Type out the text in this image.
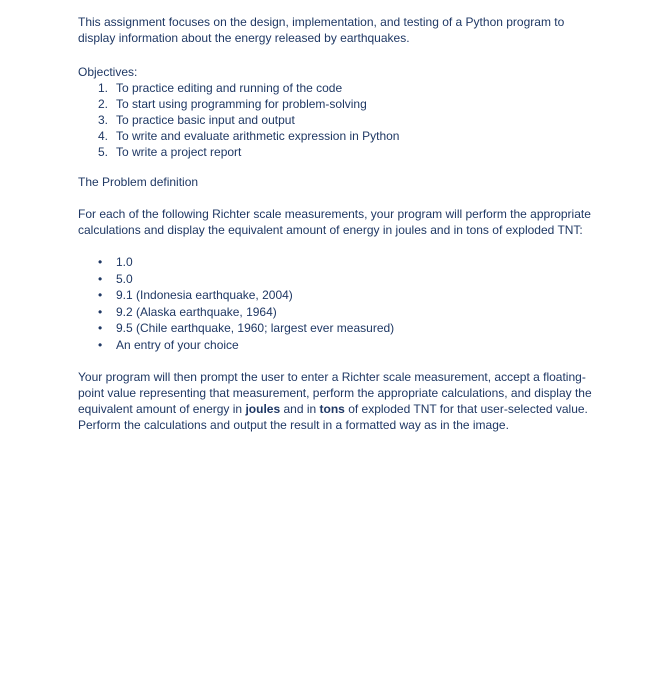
This assignment focuses on the design, implementation, and testing of a Python program to display information about the energy released by earthquakes.

Objectives:

1. To practice editing and running of the code
2. To start using programming for problem-solving
3. To practice basic input and output
4. To write and evaluate arithmetic expression in Python
5. To write a project report

The Problem definition

For each of the following Richter scale measurements, your program will perform the appropriate calculations and display the equivalent amount of energy in joules and in tons of exploded TNT:

• 1.0
• 5.0
• 9.1 (Indonesia earthquake, 2004)
• 9.2 (Alaska earthquake, 1964)
• 9.5 (Chile earthquake, 1960; largest ever measured)
• An entry of your choice

Your program will then prompt the user to enter a Richter scale measurement, accept a floating-point value representing that measurement, perform the appropriate calculations, and display the equivalent amount of energy in joules and in tons of exploded TNT for that user-selected value. Perform the calculations and output the result in a formatted way as in the image.
